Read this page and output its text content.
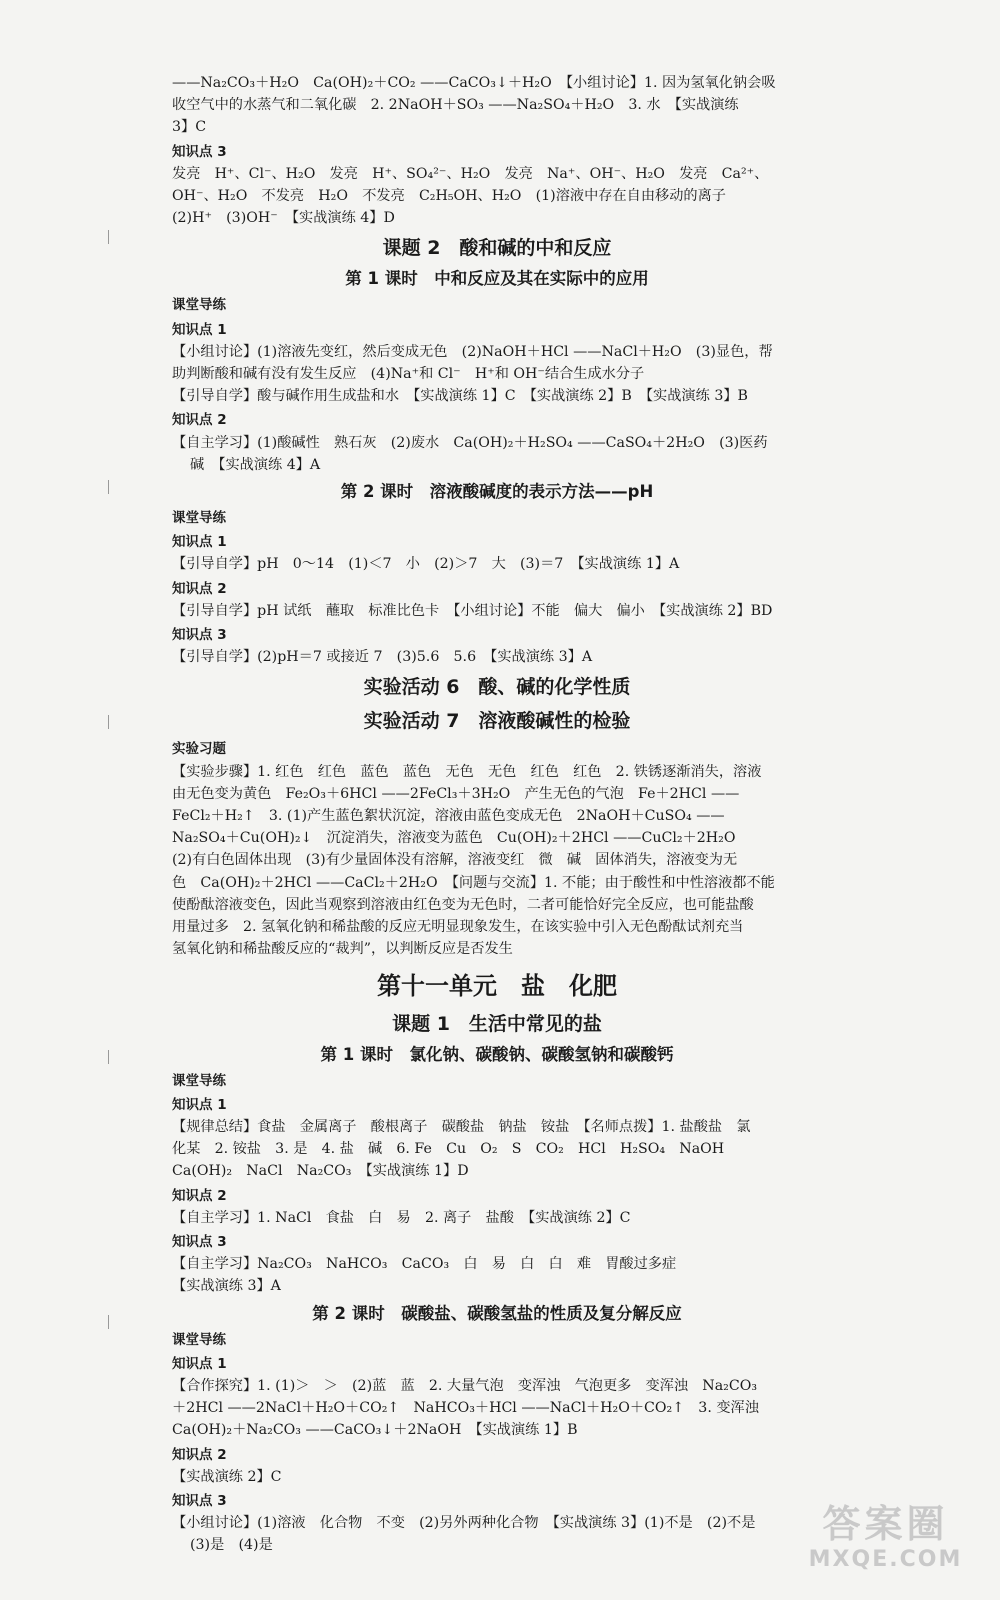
——Na₂CO₃＋H₂O　Ca(OH)₂＋CO₂ ——CaCO₃↓＋H₂O　【小组讨论】1. 因为氢氧化钠会吸

收空气中的水蒸气和二氧化碳　2. 2NaOH＋SO₃ ——Na₂SO₄＋H₂O　3. 水　【实战演练

3】C

知识点 3

发亮　H⁺、Cl⁻、H₂O　发亮　H⁺、SO₄²⁻、H₂O　发亮　Na⁺、OH⁻、H₂O　发亮　Ca²⁺、

OH⁻、H₂O　不发亮　H₂O　不发亮　C₂H₅OH、H₂O　(1)溶液中存在自由移动的离子

(2)H⁺　(3)OH⁻　【实战演练 4】D

课题 2　酸和碱的中和反应

第 1 课时　中和反应及其在实际中的应用

课堂导练

知识点 1

【小组讨论】(1)溶液先变红，然后变成无色　(2)NaOH＋HCl ——NaCl＋H₂O　(3)显色，帮

助判断酸和碱有没有发生反应　(4)Na⁺和 Cl⁻　H⁺和 OH⁻结合生成水分子

【引导自学】酸与碱作用生成盐和水　【实战演练 1】C　【实战演练 2】B　【实战演练 3】B

知识点 2

【自主学习】(1)酸碱性　熟石灰　(2)废水　Ca(OH)₂＋H₂SO₄ ——CaSO₄＋2H₂O　(3)医药

碱　【实战演练 4】A

第 2 课时　溶液酸碱度的表示方法——pH

课堂导练

知识点 1

【引导自学】pH　0～14　(1)＜7　小　(2)＞7　大　(3)＝7　【实战演练 1】A

知识点 2

【引导自学】pH 试纸　蘸取　标准比色卡　【小组讨论】不能　偏大　偏小　【实战演练 2】BD

知识点 3

【引导自学】(2)pH＝7 或接近 7　(3)5.6　5.6　【实战演练 3】A

实验活动 6　酸、碱的化学性质

实验活动 7　溶液酸碱性的检验

实验习题

【实验步骤】1. 红色　红色　蓝色　蓝色　无色　无色　红色　红色　2. 铁锈逐渐消失，溶液

由无色变为黄色　Fe₂O₃＋6HCl ——2FeCl₃＋3H₂O　产生无色的气泡　Fe＋2HCl ——

FeCl₂＋H₂↑　3. (1)产生蓝色絮状沉淀，溶液由蓝色变成无色　2NaOH＋CuSO₄ ——

Na₂SO₄＋Cu(OH)₂↓　沉淀消失，溶液变为蓝色　Cu(OH)₂＋2HCl ——CuCl₂＋2H₂O

(2)有白色固体出现　(3)有少量固体没有溶解，溶液变红　微　碱　固体消失，溶液变为无

色　Ca(OH)₂＋2HCl ——CaCl₂＋2H₂O　【问题与交流】1. 不能；由于酸性和中性溶液都不能

使酚酞溶液变色，因此当观察到溶液由红色变为无色时，二者可能恰好完全反应，也可能盐酸

用量过多　2. 氢氧化钠和稀盐酸的反应无明显现象发生，在该实验中引入无色酚酞试剂充当

氢氧化钠和稀盐酸反应的“裁判”，以判断反应是否发生

第十一单元　盐　化肥

课题 1　生活中常见的盐

第 1 课时　氯化钠、碳酸钠、碳酸氢钠和碳酸钙

课堂导练

知识点 1

【规律总结】食盐　金属离子　酸根离子　碳酸盐　钠盐　铵盐　【名师点拨】1. 盐酸盐　氯

化某　2. 铵盐　3. 是　4. 盐　碱　6. Fe　Cu　O₂　S　CO₂　HCl　H₂SO₄　NaOH

Ca(OH)₂　NaCl　Na₂CO₃　【实战演练 1】D

知识点 2

【自主学习】1. NaCl　食盐　白　易　2. 离子　盐酸　【实战演练 2】C

知识点 3

【自主学习】Na₂CO₃　NaHCO₃　CaCO₃　白　易　白　白　难　胃酸过多症

【实战演练 3】A

第 2 课时　碳酸盐、碳酸氢盐的性质及复分解反应

课堂导练

知识点 1

【合作探究】1. (1)＞　＞　(2)蓝　蓝　2. 大量气泡　变浑浊　气泡更多　变浑浊　Na₂CO₃

＋2HCl ——2NaCl＋H₂O＋CO₂↑　NaHCO₃＋HCl ——NaCl＋H₂O＋CO₂↑　3. 变浑浊

Ca(OH)₂＋Na₂CO₃ ——CaCO₃↓＋2NaOH　【实战演练 1】B

知识点 2

【实战演练 2】C

知识点 3

【小组讨论】(1)溶液　化合物　不变　(2)另外两种化合物　【实战演练 3】(1)不是　(2)不是

(3)是　(4)是	答案圈
MXQE.COM
